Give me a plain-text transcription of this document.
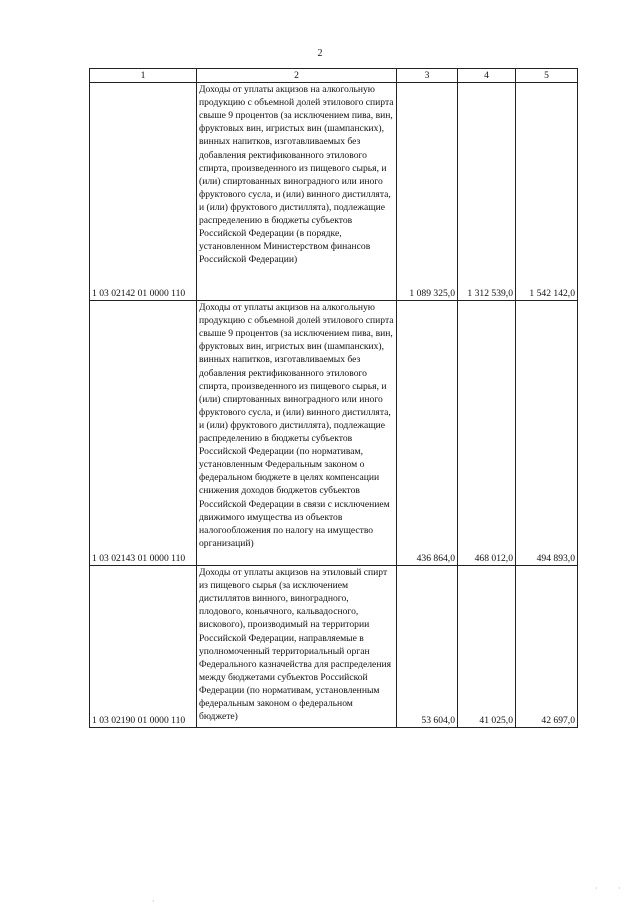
2
1	2	3	4	5
1 03 02142 01 0000 110	Доходы от уплаты акцизов на алкогольную продукцию с объемной долей этилового спирта свыше 9 процентов (за исключением пива, вин, фруктовых вин, игристых вин (шампанских), винных напитков, изготавливаемых без добавления ректификованного этилового спирта, произведенного из пищевого сырья, и (или) спиртованных виноградного или иного фруктового сусла, и (или) винного дистиллята, и (или) фруктового дистиллята), подлежащие распределению в бюджеты субъектов Российской Федерации (в порядке, установленном Министерством финансов Российской Федерации)	1 089 325,0	1 312 539,0	1 542 142,0
1 03 02143 01 0000 110	Доходы от уплаты акцизов на алкогольную продукцию с объемной долей этилового спирта свыше 9 процентов (за исключением пива, вин, фруктовых вин, игристых вин (шампанских), винных напитков, изготавливаемых без добавления ректификованного этилового спирта, произведенного из пищевого сырья, и (или) спиртованных виноградного или иного фруктового сусла, и (или) винного дистиллята, и (или) фруктового дистиллята), подлежащие распределению в бюджеты субъектов Российской Федерации (по нормативам, установленным Федеральным законом о федеральном бюджете в целях компенсации снижения доходов бюджетов субъектов Российской Федерации в связи с исключением движимого имущества из объектов налогообложения по налогу на имущество организаций)	436 864,0	468 012,0	494 893,0
1 03 02190 01 0000 110	Доходы от уплаты акцизов на этиловый спирт из пищевого сырья (за исключением дистиллятов винного, виноградного, плодового, коньячного, кальвадосного, вискового), производимый на территории Российской Федерации, направляемые в уполномоченный территориальный орган Федерального казначейства для распределения между бюджетами субъектов Российской Федерации (по нормативам, установленным федеральным законом о федеральном бюджете)	53 604,0	41 025,0	42 697,0
·	·
·
